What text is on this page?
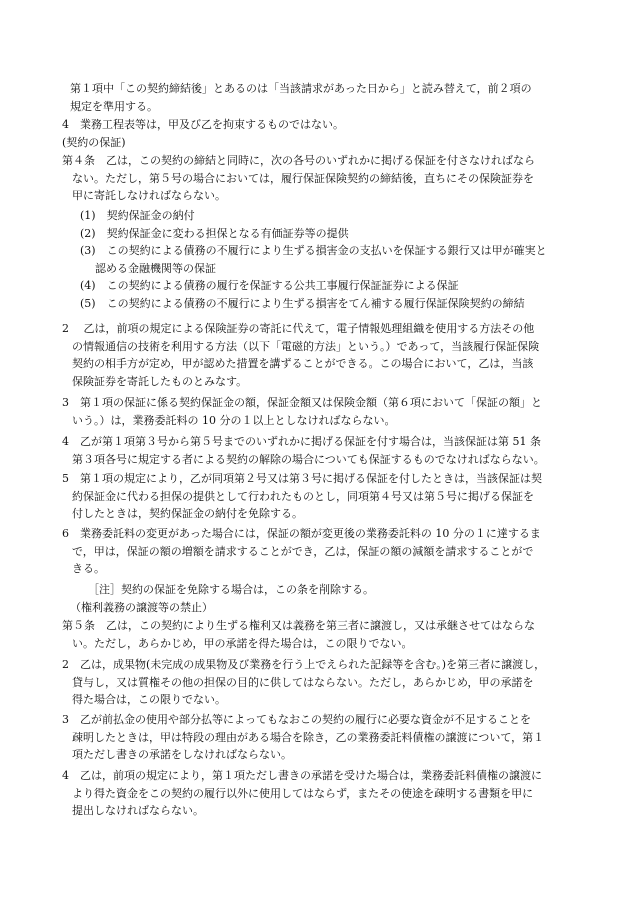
第１項中「この契約締結後」とあるのは「当該請求があった日から」と読み替えて，前２項の
規定を準用する。
4　業務工程表等は，甲及び乙を拘束するものではない。
(契約の保証)
第４条　乙は，この契約の締結と同時に，次の各号のいずれかに掲げる保証を付さなければなら
ない。ただし，第５号の場合においては，履行保証保険契約の締結後，直ちにその保険証券を
甲に寄託しなければならない。
(1)　契約保証金の納付
(2)　契約保証金に変わる担保となる有価証券等の提供
(3)　この契約による債務の不履行により生ずる損害金の支払いを保証する銀行又は甲が確実と
認める金融機関等の保証
(4)　この契約による債務の履行を保証する公共工事履行保証証券による保証
(5)　この契約による債務の不履行により生ずる損害をてん補する履行保証保険契約の締結
2　 乙は，前項の規定による保険証券の寄託に代えて，電子情報処理組織を使用する方法その他
の情報通信の技術を利用する方法（以下「電磁的方法」という。）であって，当該履行保証保険
契約の相手方が定め，甲が認めた措置を講ずることができる。この場合において，乙は，当該
保険証券を寄託したものとみなす。
3　第１項の保証に係る契約保証金の額，保証金額又は保険金額（第６項において「保証の額」と
いう。）は，業務委託料の 10 分の１以上としなければならない。
4　乙が第１項第３号から第５号までのいずれかに掲げる保証を付す場合は，当該保証は第 51 条
第３項各号に規定する者による契約の解除の場合についても保証するものでなければならない。
5　第１項の規定により，乙が同項第２号又は第３号に掲げる保証を付したときは，当該保証は契
約保証金に代わる担保の提供として行われたものとし，同項第４号又は第５号に掲げる保証を
付したときは，契約保証金の納付を免除する。
6　業務委託料の変更があった場合には，保証の額が変更後の業務委託料の 10 分の１に達するま
で，甲は，保証の額の増額を請求することができ，乙は，保証の額の減額を請求することがで
きる。
［注］契約の保証を免除する場合は，この条を削除する。
（権利義務の譲渡等の禁止）
第５条　乙は，この契約により生ずる権利又は義務を第三者に譲渡し，又は承継させてはならな
い。ただし，あらかじめ，甲の承諾を得た場合は，この限りでない。
2　乙は，成果物(未完成の成果物及び業務を行う上でえられた記録等を含む。)を第三者に譲渡し，
貸与し，又は質権その他の担保の目的に供してはならない。ただし，あらかじめ，甲の承諾を
得た場合は，この限りでない。
3　乙が前払金の使用や部分払等によってもなおこの契約の履行に必要な資金が不足することを
疎明したときは，甲は特段の理由がある場合を除き，乙の業務委託料債権の譲渡について，第１
項ただし書きの承諾をしなければならない。
4　乙は，前項の規定により，第１項ただし書きの承諾を受けた場合は，業務委託料債権の譲渡に
より得た資金をこの契約の履行以外に使用してはならず，またその使途を疎明する書類を甲に
提出しなければならない。
